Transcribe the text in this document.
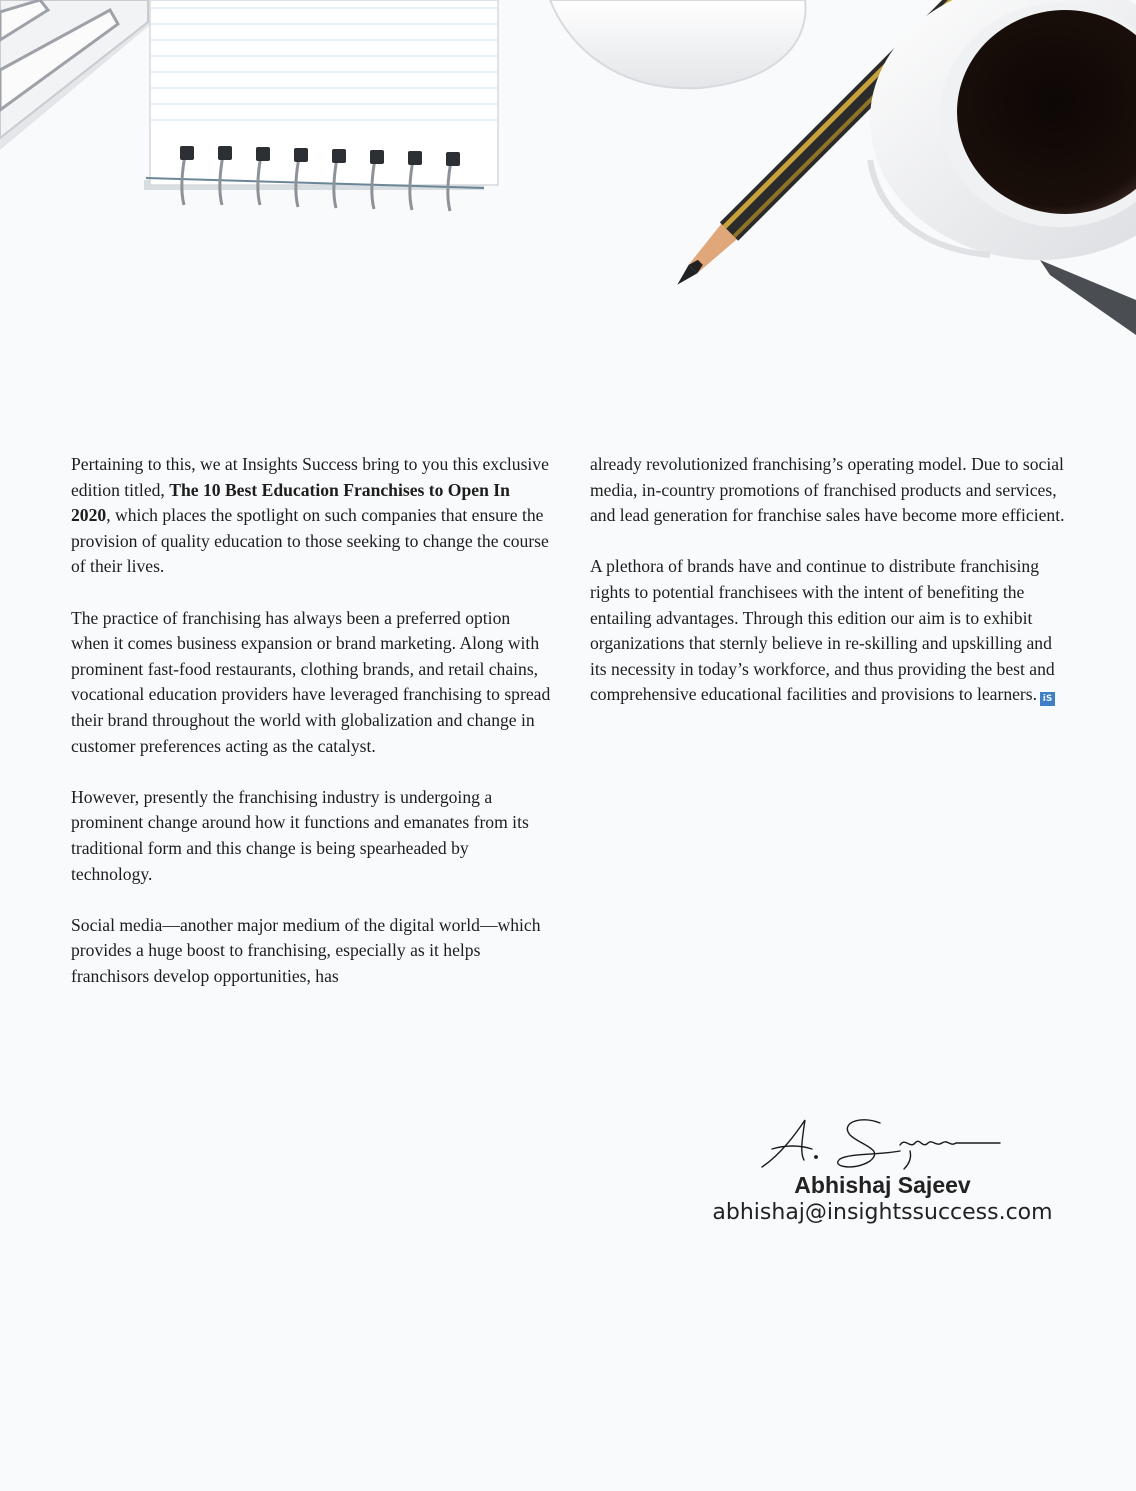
Pertaining to this, we at Insights Success bring to you this exclusive edition titled, The 10 Best Education Franchises to Open In 2020, which places the spotlight on such companies that ensure the provision of quality education to those seeking to change the course of their lives.

The practice of franchising has always been a preferred option when it comes business expansion or brand marketing. Along with prominent fast-food restaurants, clothing brands, and retail chains, vocational education providers have leveraged franchising to spread their brand throughout the world with globalization and change in customer preferences acting as the catalyst.

However, presently the franchising industry is undergoing a prominent change around how it functions and emanates from its traditional form and this change is being spearheaded by technology.

Social media—another major medium of the digital world—which provides a huge boost to franchising, especially as it helps franchisors develop opportunities, has

already revolutionized franchising’s operating model. Due to social media, in-country promotions of franchised products and services, and lead generation for franchise sales have become more efficient.

A plethora of brands have and continue to distribute franchising rights to potential franchisees with the intent of benefiting the entailing advantages. Through this edition our aim is to exhibit organizations that sternly believe in re-skilling and upskilling and its necessity in today’s workforce, and thus providing the best and comprehensive educational facilities and provisions to learners. iS

Abhishaj Sajeev
abhishaj@insightssuccess.com
